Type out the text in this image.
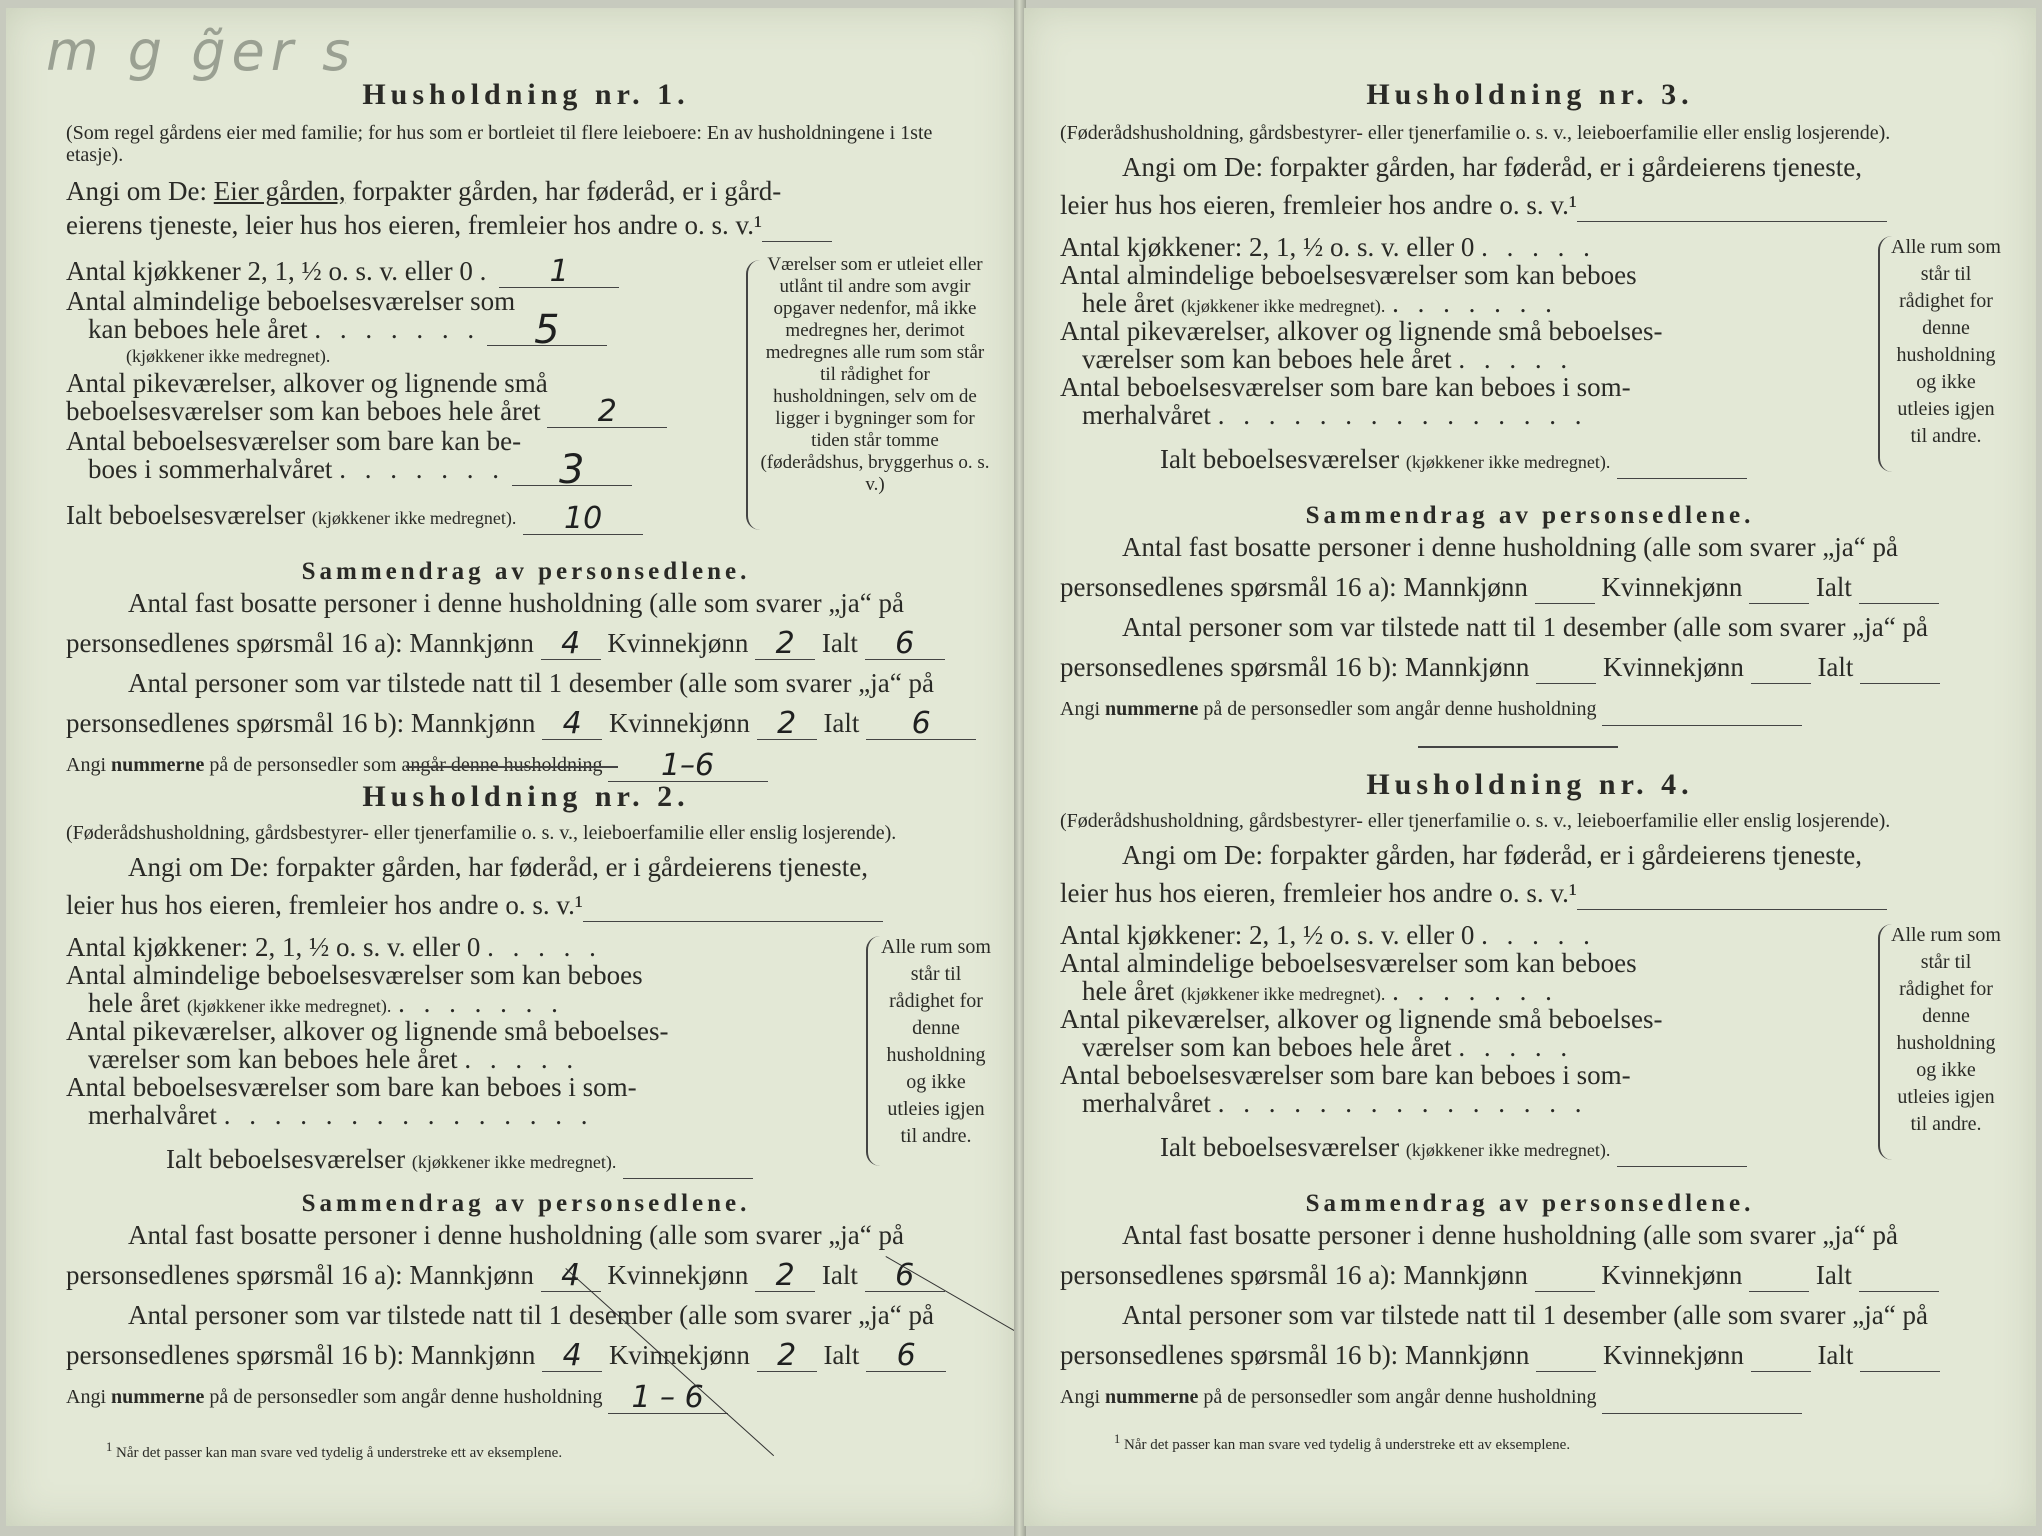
m g g̃er s
Husholdning nr. 1.
(Som regel gårdens eier med familie; for hus som er bortleiet til flere leieboere: En av husholdningene i 1ste etasje).
Angi om De: Eier gården, forpakter gården, har føderåd, er i gård-
eierens tjeneste, leier hus hos eieren, fremleier hos andre o. s. v.¹
Antal kjøkkener 2, 1, ½ o. s. v. eller 0 . 1
Antal almindelige beboelsesværelser som
kan beboes hele året . . . . . . . 5
(kjøkkener ikke medregnet).
Antal pikeværelser, alkover og lignende små
beboelsesværelser som kan beboes hele året 2
Antal beboelsesværelser som bare kan be-
boes i sommerhalvåret . . . . . . . 3
Ialt beboelsesværelser (kjøkkener ikke medregnet). 10
Værelser som er utleiet eller utlånt til andre som avgir opgaver nedenfor, må ikke medregnes her, derimot medregnes alle rum som står til rådighet for husholdningen, selv om de ligger i bygninger som for tiden står tomme (føderådshus, bryggerhus o. s. v.)
Sammendrag av personsedlene.
Antal fast bosatte personer i denne husholdning (alle som svarer „ja“ på
personsedlenes spørsmål 16 a): Mannkjønn 4 Kvinnekjønn 2 Ialt 6
Antal personer som var tilstede natt til 1 desember (alle som svarer „ja“ på
personsedlenes spørsmål 16 b): Mannkjønn 4 Kvinnekjønn 2 Ialt 6
Angi nummerne på de personsedler som angår denne husholdning 1–6
Husholdning nr. 2.
(Føderådshusholdning, gårdsbestyrer- eller tjenerfamilie o. s. v., leieboerfamilie eller enslig losjerende).
Angi om De: forpakter gården, har føderåd, er i gårdeierens tjeneste,
leier hus hos eieren, fremleier hos andre o. s. v.¹
Antal kjøkkener: 2, 1, ½ o. s. v. eller 0 . . . . .
Antal almindelige beboelsesværelser som kan beboes
hele året (kjøkkener ikke medregnet). . . . . . . .
Antal pikeværelser, alkover og lignende små beboelses-
værelser som kan beboes hele året . . . . .
Antal beboelsesværelser som bare kan beboes i som-
merhalvåret . . . . . . . . . . . . . . .
Ialt beboelsesværelser (kjøkkener ikke medregnet).
Alle rum som står til rådighet for denne husholdning og ikke utleies igjen til andre.
Sammendrag av personsedlene.
Antal fast bosatte personer i denne husholdning (alle som svarer „ja“ på
personsedlenes spørsmål 16 a): Mannkjønn 4 Kvinnekjønn 2 Ialt 6
Antal personer som var tilstede natt til 1 desember (alle som svarer „ja“ på
personsedlenes spørsmål 16 b): Mannkjønn 4 Kvinnekjønn 2 Ialt 6
Angi nummerne på de personsedler som angår denne husholdning 1 – 6
$^1$ Når det passer kan man svare ved tydelig å understreke ett av eksemplene.
Husholdning nr. 3.
(Føderådshusholdning, gårdsbestyrer- eller tjenerfamilie o. s. v., leieboerfamilie eller enslig losjerende).
Angi om De: forpakter gården, har føderåd, er i gårdeierens tjeneste,
leier hus hos eieren, fremleier hos andre o. s. v.¹
Antal kjøkkener: 2, 1, ½ o. s. v. eller 0 . . . . .
Antal almindelige beboelsesværelser som kan beboes
hele året (kjøkkener ikke medregnet). . . . . . . .
Antal pikeværelser, alkover og lignende små beboelses-
værelser som kan beboes hele året . . . . .
Antal beboelsesværelser som bare kan beboes i som-
merhalvåret . . . . . . . . . . . . . . .
Ialt beboelsesværelser (kjøkkener ikke medregnet).
Alle rum som står til rådighet for denne husholdning og ikke utleies igjen til andre.
Sammendrag av personsedlene.
Antal fast bosatte personer i denne husholdning (alle som svarer „ja“ på
personsedlenes spørsmål 16 a): Mannkjønn	Kvinnekjønn	Ialt
Antal personer som var tilstede natt til 1 desember (alle som svarer „ja“ på
personsedlenes spørsmål 16 b): Mannkjønn	Kvinnekjønn	Ialt
Angi nummerne på de personsedler som angår denne husholdning
Husholdning nr. 4.
(Føderådshusholdning, gårdsbestyrer- eller tjenerfamilie o. s. v., leieboerfamilie eller enslig losjerende).
Angi om De: forpakter gården, har føderåd, er i gårdeierens tjeneste,
leier hus hos eieren, fremleier hos andre o. s. v.¹
Antal kjøkkener: 2, 1, ½ o. s. v. eller 0 . . . . .
Antal almindelige beboelsesværelser som kan beboes
hele året (kjøkkener ikke medregnet). . . . . . . .
Antal pikeværelser, alkover og lignende små beboelses-
værelser som kan beboes hele året . . . . .
Antal beboelsesværelser som bare kan beboes i som-
merhalvåret . . . . . . . . . . . . . . .
Ialt beboelsesværelser (kjøkkener ikke medregnet).
Alle rum som står til rådighet for denne husholdning og ikke utleies igjen til andre.
Sammendrag av personsedlene.
Antal fast bosatte personer i denne husholdning (alle som svarer „ja“ på
personsedlenes spørsmål 16 a): Mannkjønn	Kvinnekjønn	Ialt
Antal personer som var tilstede natt til 1 desember (alle som svarer „ja“ på
personsedlenes spørsmål 16 b): Mannkjønn	Kvinnekjønn	Ialt
Angi nummerne på de personsedler som angår denne husholdning
$^1$ Når det passer kan man svare ved tydelig å understreke ett av eksemplene.
